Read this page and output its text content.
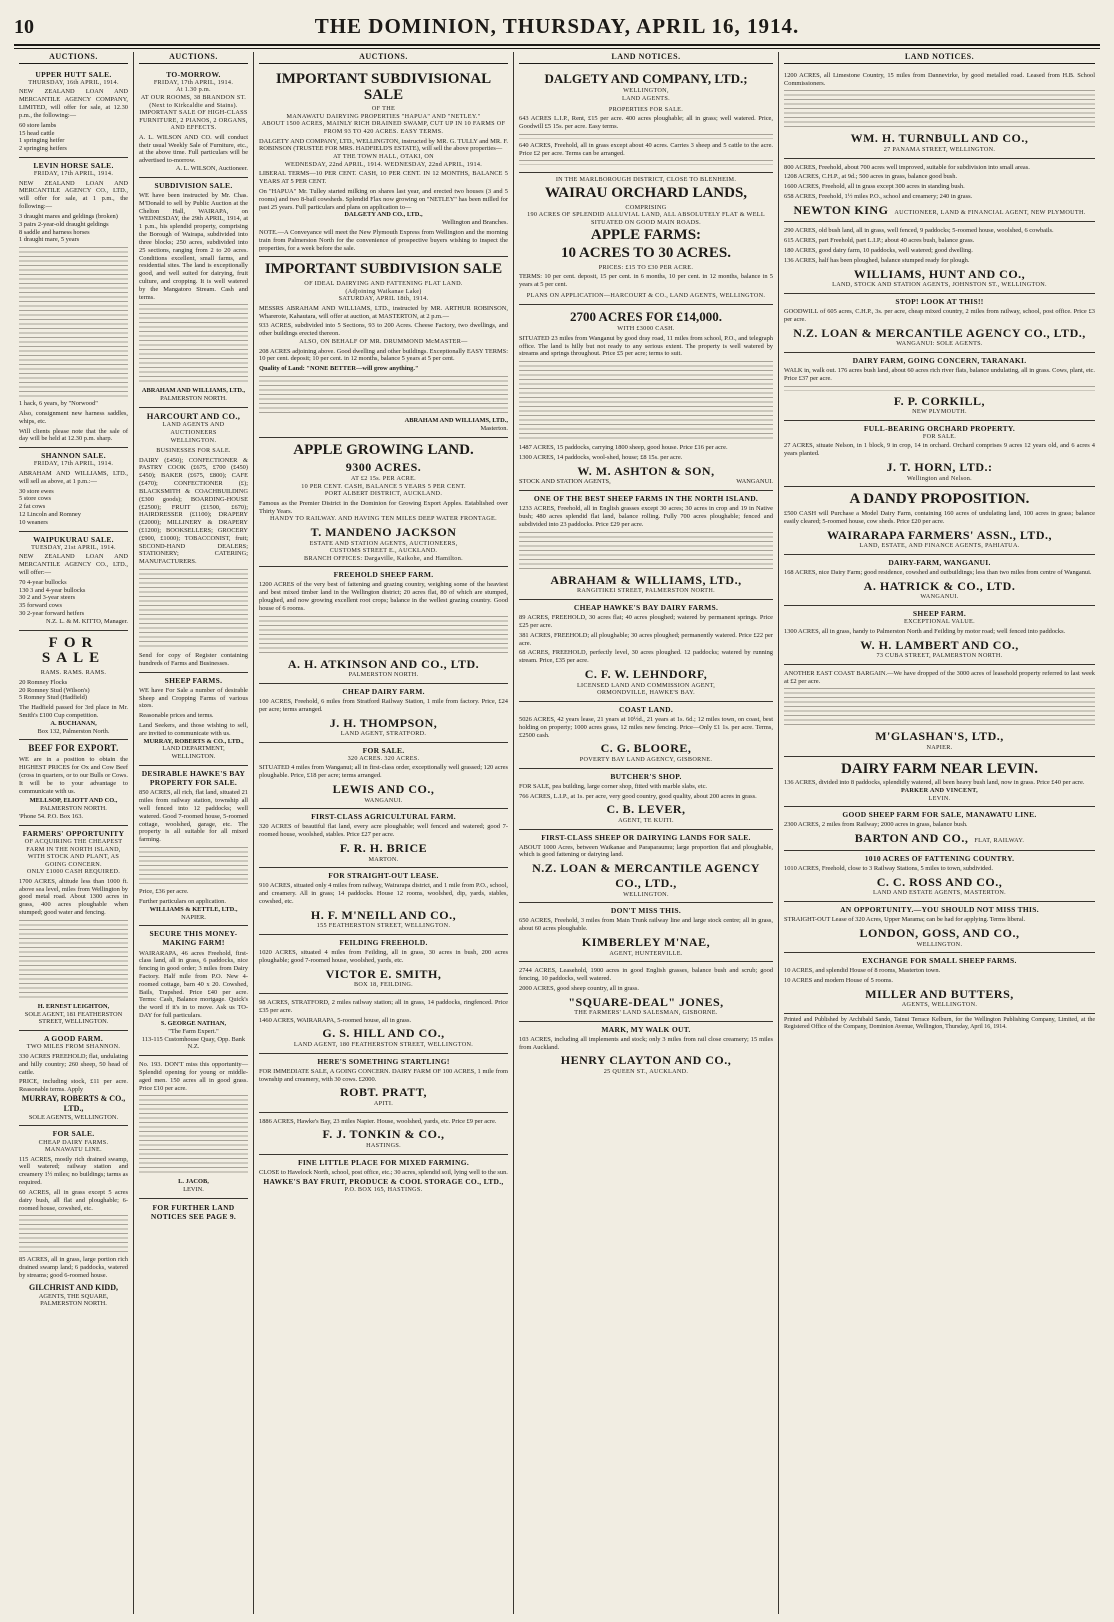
10	THE DOMINION, THURSDAY, APRIL 16, 1914.
AUCTIONS.
UPPER HUTT SALE.
THURSDAY, 16th APRIL, 1914.
NEW ZEALAND LOAN AND MERCANTILE AGENCY COMPANY, LIMITED, will offer for sale, at 12.30 p.m., the following:—
60 store lambs
15 head cattle
1 springing heifer
2 springing heifers
LEVIN HORSE SALE.
FRIDAY, 17th APRIL, 1914.
NEW ZEALAND LOAN AND MERCANTILE AGENCY CO., LTD., will offer for sale, at 1 p.m., the following:—
3 draught mares and geldings (broken)
3 pairs 2-year-old draught geldings
8 saddle and harness horses
1 draught mare, 5 years
1 hack, 6 years, by "Norwood"
Also, consignment new harness saddles, whips, etc.
Will clients please note that the sale of day will be held at 12.30 p.m. sharp.
SHANNON SALE.
FRIDAY, 17th APRIL, 1914.
ABRAHAM AND WILLIAMS, LTD., will sell as above, at 1 p.m.:—
30 store ewes
5 store cows
2 fat cows
12 Lincoln and Romney
10 weaners
WAIPUKURAU SALE.
TUESDAY, 21st APRIL, 1914.
NEW ZEALAND LOAN AND MERCANTILE AGENCY CO., LTD., will offer:—
70 4-year bullocks
130 3 and 4-year bullocks
30 2 and 3-year steers
35 forward cows
30 2-year forward heifers
N.Z. L. & M. KITTO, Manager.
FOR SALE
RAMS. RAMS. RAMS.
20 Romney Flocks
20 Romney Stud (Wilson's)
5 Romney Stud (Hadfield)
The Hadfield passed for 3rd place in Mr. Smith's £100 Cup competition.
A. BUCHANAN,
Box 132, Palmerston North.
BEEF FOR EXPORT.
WE are in a position to obtain the HIGHEST PRICES for Ox and Cow Beef (cross in quarters, or to our Bulls or Cows. It will be to your advantage to communicate with us.
MELLSOP, ELIOTT AND CO.,
PALMERSTON NORTH.
'Phone 54. P.O. Box 163.
FARMERS' OPPORTUNITY
OF ACQUIRING THE CHEAPEST FARM IN THE NORTH ISLAND, WITH STOCK AND PLANT, AS GOING CONCERN.
ONLY £1000 CASH REQUIRED.
1700 ACRES, altitude less than 1000 ft. above sea level, miles from Wellington by good metal road. About 1300 acres in grass, 400 acres ploughable when stumped; good water and fencing.
H. ERNEST LEIGHTON,
SOLE AGENT, 181 FEATHERSTON STREET, WELLINGTON.
A GOOD FARM.
TWO MILES FROM SHANNON.
330 ACRES FREEHOLD; flat, undulating and hilly country; 260 sheep, 50 head of cattle.
PRICE, including stock, £11 per acre. Reasonable terms. Apply
MURRAY, ROBERTS & CO., LTD.,
SOLE AGENTS, WELLINGTON.
FOR SALE.
CHEAP DAIRY FARMS.
MANAWATU LINE.
115 ACRES, mostly rich drained swamp, well watered; railway station and creamery 1½ miles; no buildings; tarms as required.
60 ACRES, all in grass except 5 acres dairy bush, all flat and ploughable; 6-roomed house, cowshed, etc.
85 ACRES, all in grass, large portion rich drained swamp land; 6 paddocks, watered by streams; good 6-roomed house.
GILCHRIST AND KIDD,
AGENTS, THE SQUARE, PALMERSTON NORTH.
AUCTIONS.
TO-MORROW.
FRIDAY, 17th APRIL, 1914.
At 1.30 p.m.
AT OUR ROOMS, 38 BRANDON ST. (Next to Kirkcaldie and Stains).
IMPORTANT SALE OF HIGH-CLASS FURNITURE, 2 PIANOS, 2 ORGANS, AND EFFECTS.
A. L. WILSON AND CO. will conduct their usual Weekly Sale of Furniture, etc., at the above time. Full particulars will be advertised to-morrow.
A. L. WILSON, Auctioneer.
SUBDIVISION SALE.
WE have been instructed by Mr. Chas. M'Donald to sell by Public Auction at the Chelton Hall, WAIRAPA, on WEDNESDAY, the 29th APRIL, 1914, at 1 p.m., his splendid property, comprising the Borough of Wairapa, subdivided into three blocks; 250 acres, subdivided into 25 sections, ranging from 2 to 20 acres. Conditions excellent, small farms, and residential sites. The land is exceptionally good, and well suited for dairying, fruit culture, and cropping. It is well watered by the Mangatoro Stream. Cash and terms.
ABRAHAM AND WILLIAMS, LTD.,
PALMERSTON NORTH.
HARCOURT AND CO.,
LAND AGENTS AND AUCTIONEERS
WELLINGTON.
BUSINESSES FOR SALE.
DAIRY (£450); CONFECTIONER & PASTRY COOK (£675, £700 (£450) £450); BAKER (£675, £800); CAFE (£470); CONFECTIONER (£); BLACKSMITH & COACHBUILDING (£300 goods); BOARDING-HOUSE (£2500); FRUIT (£1500, £670); HAIRDRESSER (£1100); DRAPERY (£2000); MILLINERY & DRAPERY (£1200); BOOKSELLERS; GROCERY (£900, £1000); TOBACCONIST, fruit; SECOND-HAND DEALERS; STATIONERY; CATERING; MANUFACTURERS.
Send for copy of Register containing hundreds of Farms and Businesses.
SHEEP FARMS.
WE have For Sale a number of desirable Sheep and Cropping Farms of various sizes.
Reasonable prices and terms.
Land Seekers, and those wishing to sell, are invited to communicate with us.
MURRAY, ROBERTS & CO., LTD.,
LAND DEPARTMENT,
WELLINGTON.
DESIRABLE HAWKE'S BAY PROPERTY FOR SALE.
850 ACRES, all rich, flat land, situated 21 miles from railway station, township all well fenced into 12 paddocks; well watered. Good 7-roomed house, 5-roomed cottage, woolshed, garage, etc. The property is all suitable for all mixed farming.
Price, £36 per acre.
Further particulars on application.
WILLIAMS & KETTLE, LTD.,
NAPIER.
SECURE THIS MONEY-MAKING FARM!
WAIRARAPA, 46 acres Freehold, first-class land, all in grass, 6 paddocks, nice fencing in good order; 3 miles from Dairy Factory. Half mile from P.O. New 4-roomed cottage, barn 40 x 20. Cowshed, Bails, Trapshed. Price £40 per acre. Terms: Cash, Balance mortgage. Quick's the word if it's in to move. Ask us TO-DAY for full particulars.
S. GEORGE NATHAN,
"The Farm Expert."
113-115 Customhouse Quay, Opp. Bank N.Z.
No. 193. DON'T miss this opportunity—Splendid opening for young or middle-aged men. 150 acres all in good grass. Price £10 per acre.
L. JACOB,
LEVIN.
FOR FURTHER LAND NOTICES SEE PAGE 9.
AUCTIONS.
IMPORTANT SUBDIVISIONAL SALE
OF THE
MANAWATU DAIRYING PROPERTIES "HAPUA" AND "NETLEY."
ABOUT 1500 ACRES, MAINLY RICH DRAINED SWAMP, CUT UP IN 10 FARMS OF FROM 93 TO 420 ACRES. EASY TERMS.
DALGETY AND COMPANY, LTD., WELLINGTON, instructed by MR. G. TULLY and MR. F. ROBINSON (TRUSTEE FOR MRS. HADFIELD'S ESTATE), will sell the above properties—
AT THE TOWN HALL, OTAKI, ON
WEDNESDAY, 22nd APRIL, 1914. WEDNESDAY, 22nd APRIL, 1914.
LIBERAL TERMS—10 PER CENT. CASH, 10 PER CENT. IN 12 MONTHS, BALANCE 5 YEARS AT 5 PER CENT.
On "HAPUA" Mr. Tulley started milking on shares last year, and erected two houses (3 and 5 rooms) and two 8-bail cowsheds. Splendid Flax now growing on "NETLEY" has been milled for past 25 years. Full particulars and plans on application to—
DALGETY AND CO., LTD.,
Wellington and Branches.
NOTE.—A Conveyance will meet the New Plymouth Express from Wellington and the morning train from Palmerston North for the convenience of prospective buyers wishing to inspect the properties, for a week before the sale.
IMPORTANT SUBDIVISION SALE
OF IDEAL DAIRYING AND FATTENING FLAT LAND.
(Adjoining Waikanae Lake)
SATURDAY, APRIL 18th, 1914.
MESSRS ABRAHAM AND WILLIAMS, LTD., instructed by MR. ARTHUR ROBINSON, Wharerote, Kahautara, will offer at auction, at MASTERTON, at 2 p.m.—
933 ACRES, subdivided into 5 Sections, 93 to 200 Acres. Cheese Factory, two dwellings, and other buildings erected thereon.
ALSO, ON BEHALF OF MR. DRUMMOND McMASTER—
208 ACRES adjoining above. Good dwelling and other buildings. Exceptionally EASY TERMS: 10 per cent. deposit; 10 per cent. in 12 months, balance 5 years at 5 per cent.
Quality of Land: "NONE BETTER—will grow anything."
ABRAHAM AND WILLIAMS, LTD.,
Masterton.
APPLE GROWING LAND.
9300 ACRES.
AT £2 15s. PER ACRE.
10 PER CENT. CASH, BALANCE 5 YEARS 5 PER CENT.
PORT ALBERT DISTRICT, AUCKLAND.
Famous as the Premier District in the Dominion for Growing Export Apples. Established over Thirty Years.
HANDY TO RAILWAY. AND HAVING TEN MILES DEEP WATER FRONTAGE.
T. MANDENO JACKSON
ESTATE AND STATION AGENTS, AUCTIONEERS,
CUSTOMS STREET E., AUCKLAND.
BRANCH OFFICES: Dargaville, Kaikohe, and Hamilton.
FREEHOLD SHEEP FARM.
1200 ACRES of the very best of fattening and grazing country, weighing some of the heaviest and best mixed timber land in the Wellington district; 20 acres flat, 80 of which are stumped, ploughed, and now growing excellent root crops; balance in the wellest grazing country. Good house of 6 rooms.
A. H. ATKINSON AND CO., LTD.
PALMERSTON NORTH.
CHEAP DAIRY FARM.
100 ACRES, Freehold, 6 miles from Stratford Railway Station, 1 mile from factory. Price, £24 per acre; terms arranged.
J. H. THOMPSON,
LAND AGENT, STRATFORD.
FOR SALE.
320 ACRES. 320 ACRES.
SITUATED 4 miles from Wanganui; all in first-class order, exceptionally well grassed; 120 acres ploughable. Price, £18 per acre; terms arranged.
LEWIS AND CO.,
WANGANUI.
FIRST-CLASS AGRICULTURAL FARM.
320 ACRES of beautiful flat land, every acre ploughable; well fenced and watered; good 7-roomed house, woolshed, stables. Price £27 per acre.
F. R. H. BRICE
MARTON.
FOR STRAIGHT-OUT LEASE.
910 ACRES, situated only 4 miles from railway, Wairarapa district, and 1 mile from P.O., school, and creamery. All in grass; 14 paddocks. House 12 rooms, woolshed, dip, yards, stables, cowshed, etc.
H. F. M'NEILL AND CO.,
155 FEATHERSTON STREET, WELLINGTON.
FEILDING FREEHOLD.
1020 ACRES, situated 4 miles from Feilding, all in grass, 30 acres in bush, 200 acres ploughable; good 7-roomed house, woolshed, yards, etc.
VICTOR E. SMITH,
BOX 18, FEILDING.
98 ACRES, STRATFORD, 2 miles railway station; all in grass, 14 paddocks, ringfenced. Price £35 per acre.
1460 ACRES, WAIRARAPA, 5-roomed house, all in grass.
G. S. HILL AND CO.,
LAND AGENT, 180 FEATHERSTON STREET, WELLINGTON.
HERE'S SOMETHING STARTLING!
FOR IMMEDIATE SALE, A GOING CONCERN. DAIRY FARM OF 100 ACRES, 1 mile from township and creamery, with 30 cows. £2000.
ROBT. PRATT,
APITI.
1886 ACRES, Hawke's Bay, 23 miles Napier. House, woolshed, yards, etc. Price £9 per acre.
F. J. TONKIN & CO.,
HASTINGS.
FINE LITTLE PLACE FOR MIXED FARMING.
CLOSE to Havelock North, school, post office, etc.; 30 acres, splendid soil, lying well to the sun.
HAWKE'S BAY FRUIT, PRODUCE & COOL STORAGE CO., LTD.,
P.O. BOX 165, HASTINGS.
LAND NOTICES.
DALGETY AND COMPANY, LTD.;
WELLINGTON,
LAND AGENTS.
PROPERTIES FOR SALE.
643 ACRES L.I.P., Rent, £15 per acre. 400 acres ploughable; all in grass; well watered. Price, Goodwill £5 15s. per acre. Easy terms.
640 ACRES, Freehold, all in grass except about 40 acres. Carries 3 sheep and 5 cattle to the acre. Price £2 per acre. Terms can be arranged.
IN THE MARLBOROUGH DISTRICT, CLOSE TO BLENHEIM.
WAIRAU ORCHARD LANDS,
COMPRISING
190 ACRES OF SPLENDID ALLUVIAL LAND, ALL ABSOLUTELY FLAT & WELL SITUATED ON GOOD MAIN ROADS.
APPLE FARMS:
10 ACRES TO 30 ACRES.
PRICES: £15 TO £30 PER ACRE.
TERMS: 10 per cent. deposit, 15 per cent. in 6 months, 10 per cent. in 12 months, balance in 5 years at 5 per cent.
PLANS ON APPLICATION—HARCOURT & CO., LAND AGENTS, WELLINGTON.
2700 ACRES FOR £14,000.
WITH £3000 CASH.
SITUATED 23 miles from Wanganui by good dray road, 11 miles from school, P.O., and telegraph office. The land is hilly but not ready to any serious extent. The property is well watered by streams and springs throughout. Price £5 per acre; terms to suit.
1487 ACRES, 15 paddocks, carrying 1800 sheep, good house. Price £16 per acre.
1300 ACRES, 14 paddocks, wool-shed, house; £8 15s. per acre.
W. M. ASHTON & SON,
STOCK AND STATION AGENTS,	WANGANUI.
ONE OF THE BEST SHEEP FARMS IN THE NORTH ISLAND.
1233 ACRES, Freehold, all in English grasses except 30 acres; 30 acres in crop and 19 in Native bush; 480 acres splendid flat land, balance rolling. Fully 700 acres ploughable; fenced and subdivided into 23 paddocks. Price £29 per acre.
ABRAHAM & WILLIAMS, LTD.,
RANGITIKEI STREET, PALMERSTON NORTH.
CHEAP HAWKE'S BAY DAIRY FARMS.
89 ACRES, FREEHOLD, 30 acres flat; 40 acres ploughed; watered by permanent springs. Price £25 per acre.
381 ACRES, FREEHOLD; all ploughable; 30 acres ploughed; permanently watered. Price £22 per acre.
68 ACRES, FREEHOLD, perfectly level, 30 acres ploughed. 12 paddocks; watered by running stream. Price, £35 per acre.
C. F. W. LEHNDORF,
LICENSED LAND AND COMMISSION AGENT,
ORMONDVILLE, HAWKE'S BAY.
COAST LAND.
5026 ACRES, 42 years lease, 21 years at 10½d., 21 years at 1s. 6d.; 12 miles town, on coast, best holding on property; 1000 acres grass, 12 miles new fencing. Price—Only £1 1s. per acre. Terms, £2500 cash.
C. G. BLOORE,
POVERTY BAY LAND AGENCY, GISBORNE.
BUTCHER'S SHOP.
FOR SALE, pea building, large corner shop, fitted with marble slabs, etc.
766 ACRES, L.I.P., at 1s. per acre, very good country, good quality, about 200 acres in grass.
C. B. LEVER,
AGENT, TE KUITI.
FIRST-CLASS SHEEP OR DAIRYING LANDS FOR SALE.
ABOUT 1000 Acres, between Waikanae and Paraparaumu; large proportion flat and ploughable, which is good fattening or dairying land.
N.Z. LOAN & MERCANTILE AGENCY CO., LTD.,
WELLINGTON.
DON'T MISS THIS.
650 ACRES, Freehold, 3 miles from Main Trunk railway line and large stock centre; all in grass, about 60 acres ploughable.
KIMBERLEY M'NAE,
AGENT, HUNTERVILLE.
2744 ACRES, Leasehold, 1900 acres in good English grasses, balance bush and scrub; good fencing, 10 paddocks, well watered.
2000 ACRES, good sheep country, all in grass.
"SQUARE-DEAL" JONES,
THE FARMERS' LAND SALESMAN, GISBORNE.
MARK, MY WALK OUT.
103 ACRES, including all implements and stock; only 3 miles from rail close creamery; 15 miles from Auckland.
HENRY CLAYTON AND CO.,
25 QUEEN ST., AUCKLAND.
LAND NOTICES.
1200 ACRES, all Limestone Country, 15 miles from Dannevirke, by good metalled road. Leased from H.B. School Commissioners.
WM. H. TURNBULL AND CO.,
27 PANAMA STREET, WELLINGTON.
800 ACRES, Freehold, about 700 acres well improved, suitable for subdivision into small areas.
1208 ACRES, C.H.P., at 9d.; 500 acres in grass, balance good bush.
1600 ACRES, Freehold, all in grass except 300 acres in standing bush.
658 ACRES, Freehold, 1½ miles P.O., school and creamery; 240 in grass.
NEWTON KING AUCTIONEER, LAND & FINANCIAL AGENT, NEW PLYMOUTH.
290 ACRES, old bush land, all in grass, well fenced, 9 paddocks; 5-roomed house, woolshed, 6 cowbails.
615 ACRES, part Freehold, part L.I.P.; about 40 acres bush, balance grass.
180 ACRES, good dairy farm, 10 paddocks, well watered; good dwelling.
136 ACRES, half has been ploughed, balance stumped ready for plough.
WILLIAMS, HUNT AND CO.,
LAND, STOCK AND STATION AGENTS, JOHNSTON ST., WELLINGTON.
STOP! LOOK AT THIS!!
GOODWILL of 605 acres, C.H.P., 3s. per acre, cheap mixed country, 2 miles from railway, school, post office. Price £3 per acre.
N.Z. LOAN & MERCANTILE AGENCY CO., LTD.,
WANGANUI: SOLE AGENTS.
DAIRY FARM, GOING CONCERN, TARANAKI.
WALK in, walk out. 176 acres bush land, about 60 acres rich river flats, balance undulating, all in grass. Cows, plant, etc. Price £37 per acre.
F. P. CORKILL,
NEW PLYMOUTH.
FULL-BEARING ORCHARD PROPERTY.
FOR SALE.
27 ACRES, situate Nelson, in 1 block, 9 in crop, 14 in orchard. Orchard comprises 9 acres 12 years old, and 6 acres 4 years planted.
J. T. HORN, LTD.:
Wellington and Nelson.
A DANDY PROPOSITION.
£500 CASH will Purchase a Model Dairy Farm, containing 160 acres of undulating land, 100 acres in grass; balance easily cleared; 5-roomed house, cow sheds. Price £20 per acre.
WAIRARAPA FARMERS' ASSN., LTD.,
LAND, ESTATE, AND FINANCE AGENTS, PAHIATUA.
DAIRY-FARM, WANGANUI.
168 ACRES, nice Dairy Farm; good residence, cowshed and outbuildings; less than two miles from centre of Wanganui.
A. HATRICK & CO., LTD.
WANGANUI.
SHEEP FARM.
EXCEPTIONAL VALUE.
1300 ACRES, all in grass, handy to Palmerston North and Feilding by motor road; well fenced into paddocks.
W. H. LAMBERT AND CO.,
73 CUBA STREET, PALMERSTON NORTH.
ANOTHER EAST COAST BARGAIN.—We have dropped of the 3000 acres of leasehold property referred to last week at £2 per acre.
M'GLASHAN'S, LTD.,
NAPIER.
DAIRY FARM NEAR LEVIN.
136 ACRES, divided into 8 paddocks, splendidly watered, all been heavy bush land, now in grass. Price £40 per acre.
PARKER AND VINCENT,
LEVIN.
GOOD SHEEP FARM FOR SALE, MANAWATU LINE.
2300 ACRES, 2 miles from Railway; 2000 acres in grass, balance bush.
BARTON AND CO., FLAT, RAILWAY.
1010 ACRES OF FATTENING COUNTRY.
1010 ACRES, Freehold, close to 3 Railway Stations, 5 miles to town, subdivided.
C. C. ROSS AND CO.,
LAND AND ESTATE AGENTS, MASTERTON.
AN OPPORTUNITY.—YOU SHOULD NOT MISS THIS.
STRAIGHT-OUT Lease of 320 Acres, Upper Marama; can be had for applying. Terms liberal.
LONDON, GOSS, AND CO.,
WELLINGTON.
EXCHANGE FOR SMALL SHEEP FARMS.
10 ACRES, and splendid House of 8 rooms, Masterton town.
10 ACRES and modern House of 5 rooms.
MILLER AND BUTTERS,
AGENTS, WELLINGTON.
Printed and Published by Archibald Sando, Tainui Terrace Kelburn, for the Wellington Publishing Company, Limited, at the Registered Office of the Company, Dominion Avenue, Wellington, Thursday, April 16, 1914.
